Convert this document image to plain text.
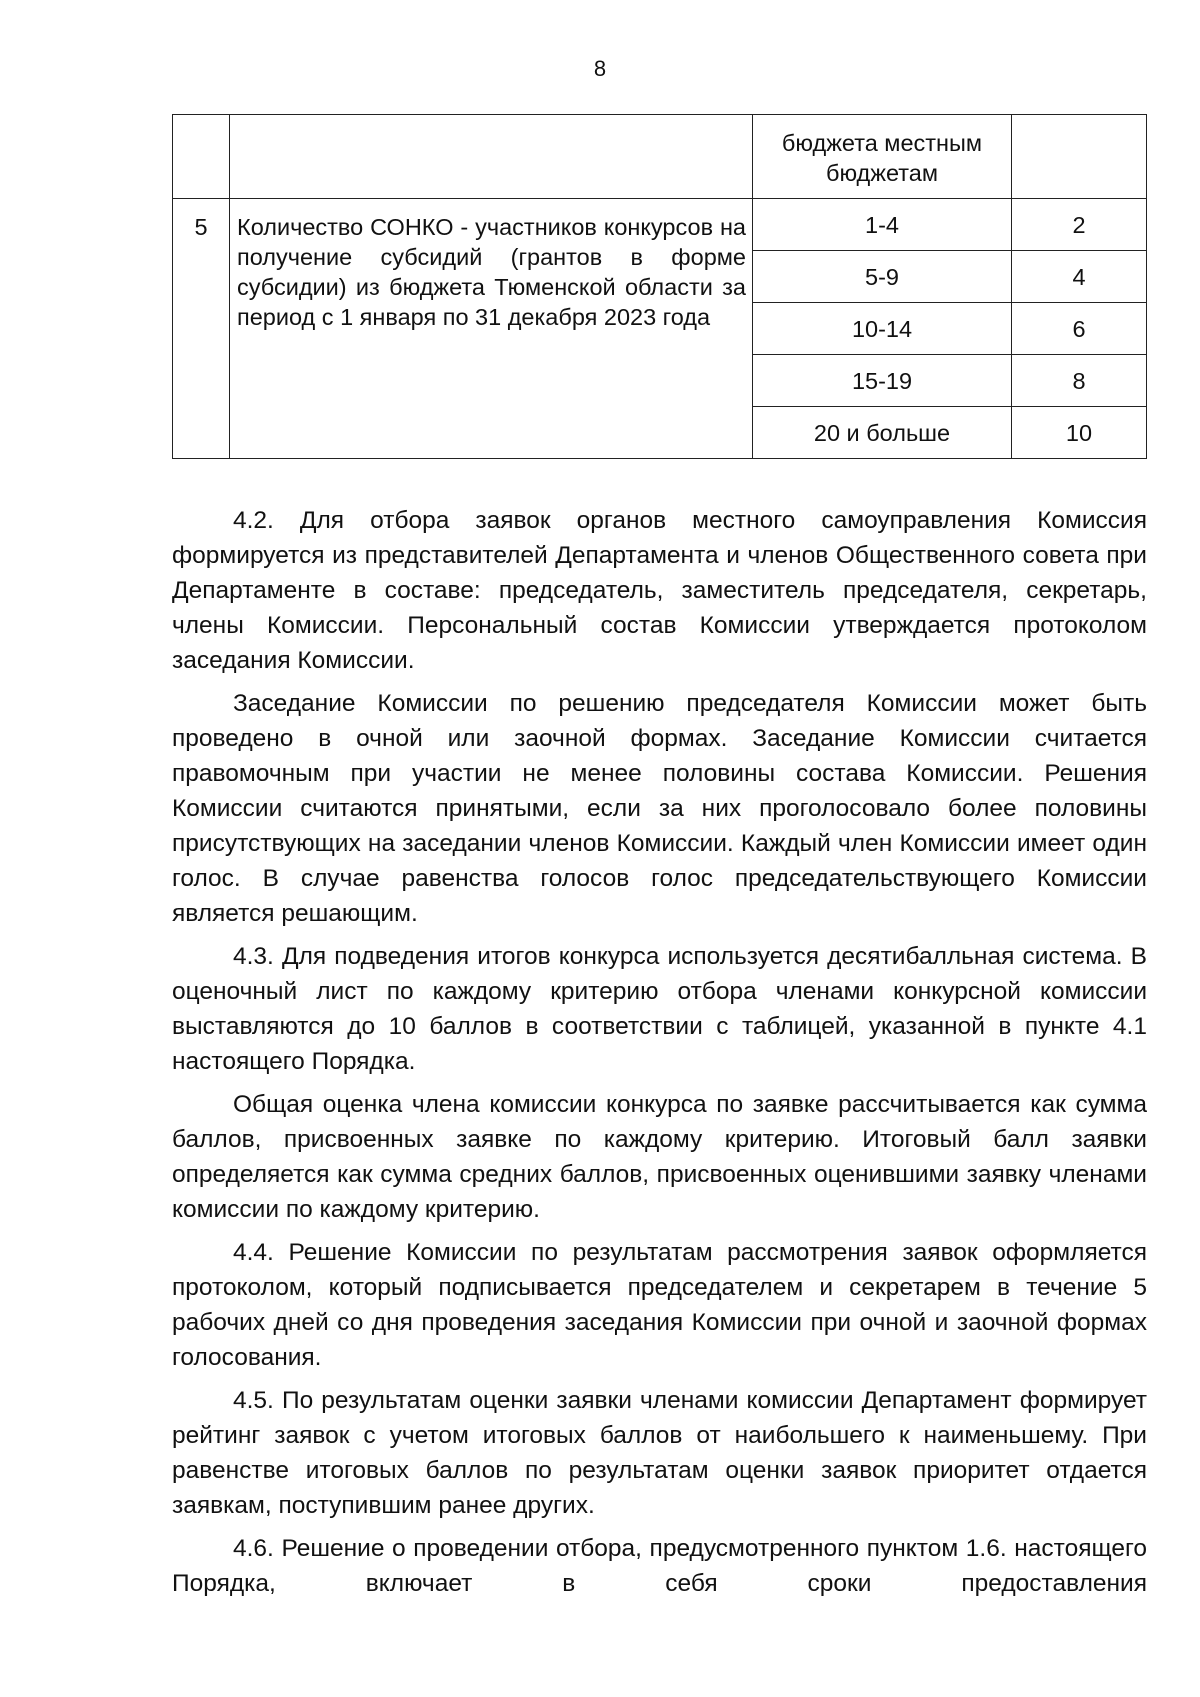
8

		бюджета местным
бюджетам	

5	Количество СОНКО - участников конкурсов на получение субсидий (грантов в форме субсидии) из бюджета Тюменской области за период с 1 января по 31 декабря 2023 года	1-4	2
		5-9	4
		10-14	6
		15-19	8
		20 и больше	10

4.2. Для отбора заявок органов местного самоуправления Комиссия формируется из представителей Департамента и членов Общественного совета при Департаменте в составе: председатель, заместитель председателя, секретарь, члены Комиссии. Персональный состав Комиссии утверждается протоколом заседания Комиссии.

Заседание Комиссии по решению председателя Комиссии может быть проведено в очной или заочной формах. Заседание Комиссии считается правомочным при участии не менее половины состава Комиссии. Решения Комиссии считаются принятыми, если за них проголосовало более половины присутствующих на заседании членов Комиссии. Каждый член Комиссии имеет один голос. В случае равенства голосов голос председательствующего Комиссии является решающим.

4.3. Для подведения итогов конкурса используется десятибалльная система. В оценочный лист по каждому критерию отбора членами конкурсной комиссии выставляются до 10 баллов в соответствии с таблицей, указанной в пункте 4.1 настоящего Порядка.

Общая оценка члена комиссии конкурса по заявке рассчитывается как сумма баллов, присвоенных заявке по каждому критерию. Итоговый балл заявки определяется как сумма средних баллов, присвоенных оценившими заявку членами комиссии по каждому критерию.

4.4. Решение Комиссии по результатам рассмотрения заявок оформляется протоколом, который подписывается председателем и секретарем в течение 5 рабочих дней со дня проведения заседания Комиссии при очной и заочной формах голосования.

4.5. По результатам оценки заявки членами комиссии Департамент формирует рейтинг заявок с учетом итоговых баллов от наибольшего к наименьшему. При равенстве итоговых баллов по результатам оценки заявок приоритет отдается заявкам, поступившим ранее других.

4.6. Решение о проведении отбора, предусмотренного пунктом 1.6. настоящего Порядка, включает в себя сроки предоставления
